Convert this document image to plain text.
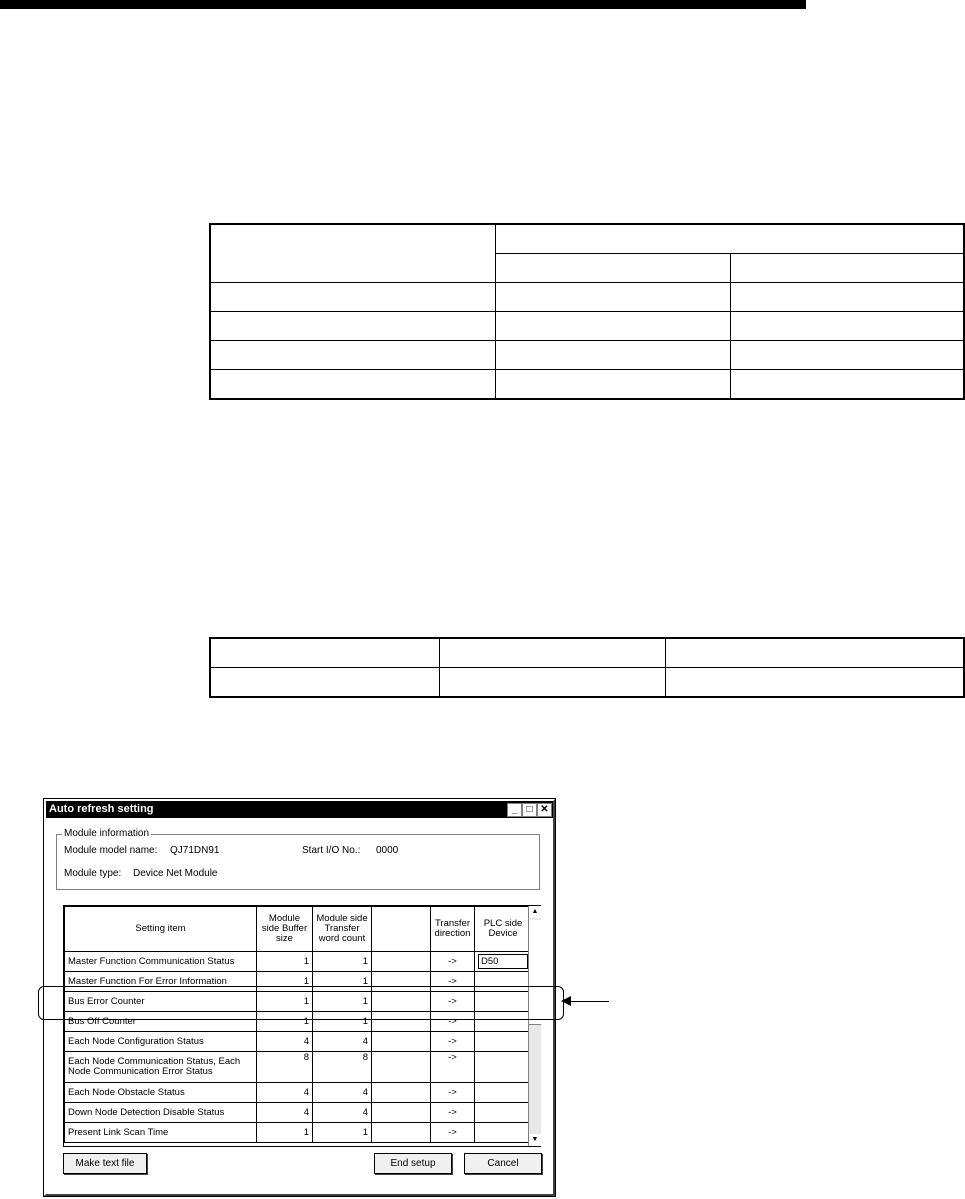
Auto refresh setting	_ □ ✕
Module information
Module model name: QJ71DN91	Start I/O No.: 0000
Module type: Device Net Module
Setting item	Module side Buffer size	Module side Transfer word count		Transfer direction	PLC side Device
Master Function Communication Status	1	1		->	D50
Master Function For Error Information	1	1		->	
Bus Error Counter	1	1		->	
Bus Off Counter	1	1		->	
Each Node Configuration Status	4	4		->	
Each Node Communication Status, Each Node Communication Error Status	8	8		->	
Each Node Obstacle Status	4	4		->	
Down Node Detection Disable Status	4	4		->	
Present Link Scan Time	1	1		->	
▲
▼
Make text file	End setup	Cancel
